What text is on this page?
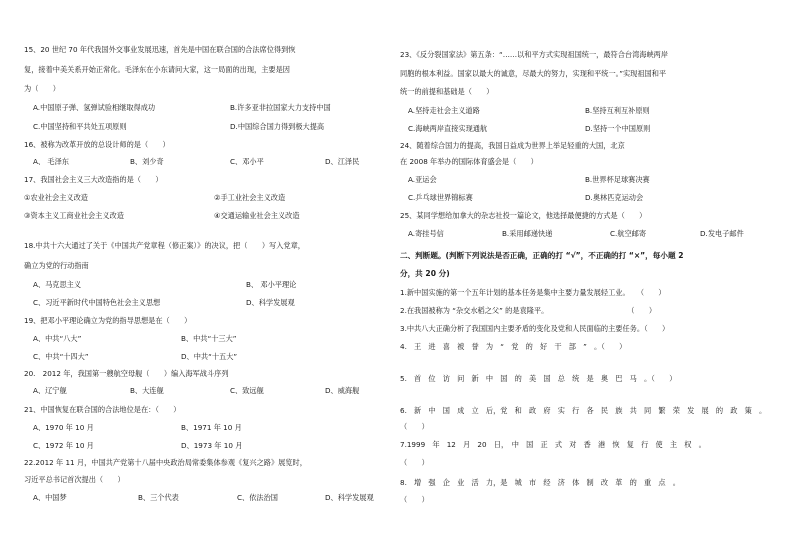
15、20 世纪 70 年代我国外交事业发展迅速，首先是中国在联合国的合法席位得到恢
复，接着中美关系开始正常化。毛泽东在小东请问大家，这一局面的出现，主要是因
为（　　）
A.中国原子弹、氢弹试验相继取得成功	B.许多亚非拉国家大力支持中国
C.中国坚持和平共处五项原则	D.中国综合国力得到极大提高
16、被称为改革开放的总设计师的是（　　）
A、 毛泽东	B、刘少奇	C、邓小平	D、江泽民
17、我国社会主义三大改造指的是（　　）
①农业社会主义改造	②手工业社会主义改造
③资本主义工商业社会主义改造	④交通运输业社会主义改造
18.中共十六大通过了关于《中国共产党章程（修正案）》的决议，把（　　）写入党章，
确立为党的行动指南
A、马克思主义	B、 邓小平理论
C、习近平新时代中国特色社会主义思想	D、科学发展观
19、把邓小平理论确立为党的指导思想是在（　　）
A、中共“八大”	B、中共“十三大”
C、中共“十四大”	D、中共“十五大”
20.　2012 年，我国第一艘航空母舰（　　）编入海军战斗序列
A、辽宁舰	B、大连舰	C、致远舰	D、威海舰
21、中国恢复在联合国的合法地位是在：（　　）
A、1970 年 10 月	B、1971 年 10 月
C、1972 年 10 月	D、1973 年 10 月
22.2012 年 11 月，中国共产党第十八届中央政治局常委集体参观《复兴之路》展览时，
习近平总书记首次提出（　　）
A、中国梦	B、三个代表	C、依法治国	D、科学发展观
23、《反分裂国家法》第五条：“……以和平方式实现祖国统一，最符合台湾海峡两岸
同胞的根本利益。国家以最大的诚意，尽最大的努力，实现和平统一。”实现祖国和平
统一的前提和基础是（　　）
A.坚持走社会主义道路	B.坚持互利互补原则
C.海峡两岸直接实现通航	D.坚持一个中国原则
24、随着综合国力的提高，我国日益成为世界上举足轻重的大国，北京
在 2008 年举办的国际体育盛会是（　　）
A.亚运会	B.世界杯足球赛决赛
C.乒乓球世界锦标赛	D.奥林匹克运动会
25、某同学想给加拿大的杂志社投一篇论文，他选择最便捷的方式是（　　）
A.寄挂号信	B.采用邮递快递	C.航空邮寄	D.发电子邮件
二、判断题。(判断下列说法是否正确，正确的打 “√”，不正确的打 “×”，每小题 2
分，共 20 分)
1.新中国实施的第一个五年计划的基本任务是集中主要力量发展轻工业。　　（　　）
2.在我国被称为 “杂交水稻之父” 的是袁隆平。　　　　　　　　　　　　（　　）
3.中共八大正确分析了我国国内主要矛盾的变化及党和人民面临的主要任务。（　　）
4.　王　进　喜　被　誉　为　“　党　的　好　干　部　”　。（　　）
5.　首　位　访　问　新　中　国　的　美　国　总　统　是　奥　巴　马　。（　　）
6.　新　中　国　成　立　后，党　和　政　府　实　行　各　民　族　共　同　繁　荣　发　展　的　政　策　。
（　　）
7.1999　年　12　月　20　日，　中　国　正　式　对　香　港　恢　复　行　使　主　权　。
（　　）
8.　增　强　企　业　活　力，是　城　市　经　济　体　制　改　革　的　重　点　。
（　　）
